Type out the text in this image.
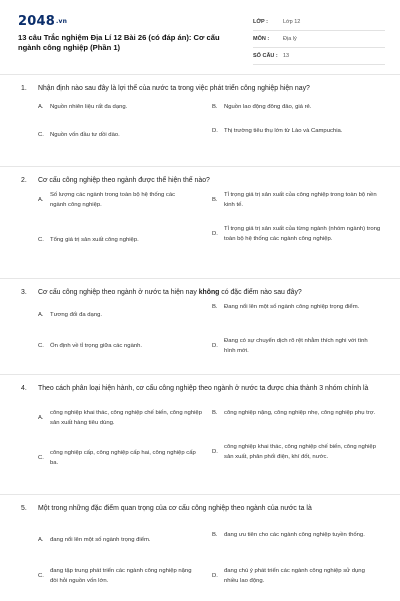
2048.vn
13 câu Trắc nghiệm Địa Lí 12 Bài 26 (có đáp án): Cơ cấu ngành công nghiệp (Phần 1)
LỚP :	Lớp 12
MÔN :	Địa lý
SỐ CÂU : 13
1. Nhận định nào sau đây là lợi thế của nước ta trong việc phát triển công nghiệp hiện nay?
A.	Nguồn nhiên liệu rất đa dạng.	B.	Nguồn lao động đông đảo, giá rẻ.
C.	Nguồn vốn đầu tư dồi dào.
D.	Thị trường tiêu thụ lớn từ Lào và Campuchia.
2. Cơ cấu công nghiệp theo ngành được thể hiện thế nào?
A.
Số lượng các ngành trong toàn bộ hệ thống các ngành công nghiệp.
B.
Tỉ trọng giá trị sản xuất của công nghiệp trong toàn bộ nền kinh tế.
C.	Tổng giá trị sản xuất công nghiệp.
D.
Tỉ trọng giá trị sản xuất của từng ngành (nhóm ngành) trong toàn bộ hệ thống các ngành công nghiệp.
3. Cơ cấu công nghiệp theo ngành ở nước ta hiện nay không có đặc điểm nào sau đây?
A.	Tương đối đa dạng.
B.	Đang nổi lên một số ngành công nghiệp trọng điểm.
C.	Ổn định về tỉ trọng giữa các ngành.	D.
Đang có sự chuyển dịch rõ rệt nhằm thích nghi với tình hình mới.
4. Theo cách phân loại hiện hành, cơ cấu công nghiệp theo ngành ở nước ta được chia thành 3 nhóm chính là
A.
công nghiệp khai thác, công nghiệp chế biến, công nghiệp sản xuất hàng tiêu dùng.
B.	công nghiệp nặng, công nghiệp nhẹ, công nghiệp phụ trợ.
C.
công nghiệp cấp, công nghiệp cấp hai, công nghiệp cấp ba.
D.
công nghiệp khai thác, công nghiệp chế biến, công nghiệp sản xuất, phân phối điện, khí đốt, nước.
5. Một trong những đặc điểm quan trọng của cơ cấu công nghiệp theo ngành của nước ta là
A.	đang nổi lên một số ngành trọng điểm.
B.	đang ưu tiên cho các ngành công nghiệp tuyền thống.
C.
đang tập trung phát triển các ngành công nghiệp nặng đòi hỏi nguồn vốn lớn.
D.
đang chú ý phát triển các ngành công nghiệp sử dụng nhiều lao động.
